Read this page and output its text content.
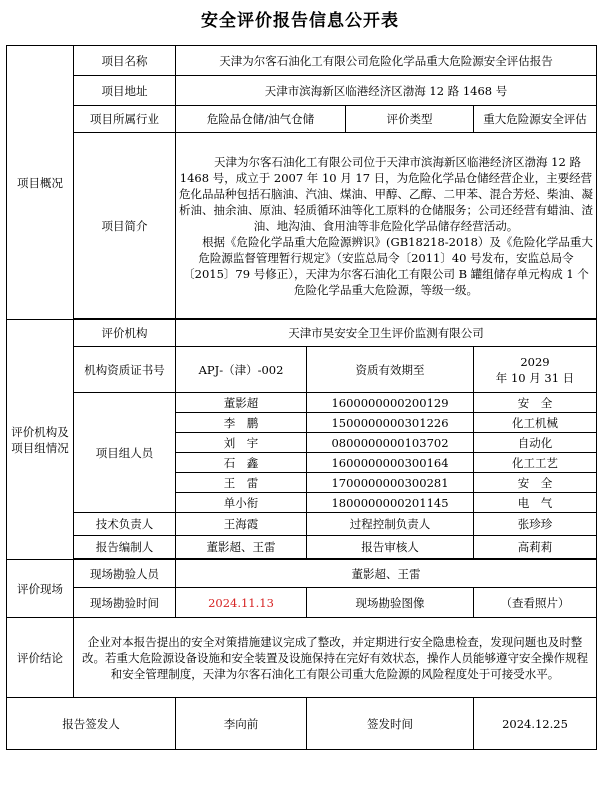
安全评价报告信息公开表
项目概况	项目名称	天津为尔客石油化工有限公司危险化学品重大危险源安全评估报告			
	项目地址	天津市滨海新区临港经济区渤海 12 路 1468 号			
	项目所属行业	危险品仓储/油气仓储		评价类型	重大危险源安全评估
	项目简介	天津为尔客石油化工有限公司位于天津市滨海新区临港经济区渤海 12 路 1468 号，成立于 2007 年 10 月 17 日，为危险化学品仓储经营企业，主要经营危化品品种包括石脑油、汽油、煤油、甲醇、乙醇、二甲苯、混合芳烃、柴油、凝析油、抽余油、原油、轻质循环油等化工原料的仓储服务；公司还经营有蜡油、渣油、地沟油、食用油等非危险化学品储存经营活动。

根据《危险化学品重大危险源辨识》(GB18218-2018）及《危险化学品重大危险源监督管理暂行规定》（安监总局令〔2011〕40 号发布，安监总局令〔2015〕79 号修正），天津为尔客石油化工有限公司 B 罐组储存单元构成 1 个危险化学品重大危险源，等级一级。			

评价机构及项目组情况	评价机构	天津市昊安安全卫生评价监测有限公司			
	机构资质证书号	APJ-（津）-002	资质有效期至		2029
年 10 月 31 日

	项目组人员	董影超	1600000000200129		安　全
		李　鹏	1500000000301226		化工机械
		刘　宇	0800000000103702		自动化
		石　鑫	1600000000300164		化工工艺
		王　雷	1700000000300281		安　全
		单小衔	1800000000201145		电　气
	技术负责人	王海霞	过程控制负责人		张珍珍
	报告编制人	董影超、王雷	报告审核人		高莉莉

评价现场	现场勘验人员	董影超、王雷			
	现场勘验时间	2024.11.13	现场勘验图像		（查看照片）
评价结论	企业对本报告提出的安全对策措施建议完成了整改，并定期进行安全隐患检查，发现问题也及时整改。若重大危险源设备设施和安全装置及设施保持在完好有效状态，操作人员能够遵守安全操作规程和安全管理制度，天津为尔客石油化工有限公司重大危险源的风险程度处于可接受水平。				
报告签发人		李向前	签发时间		2024.12.25
